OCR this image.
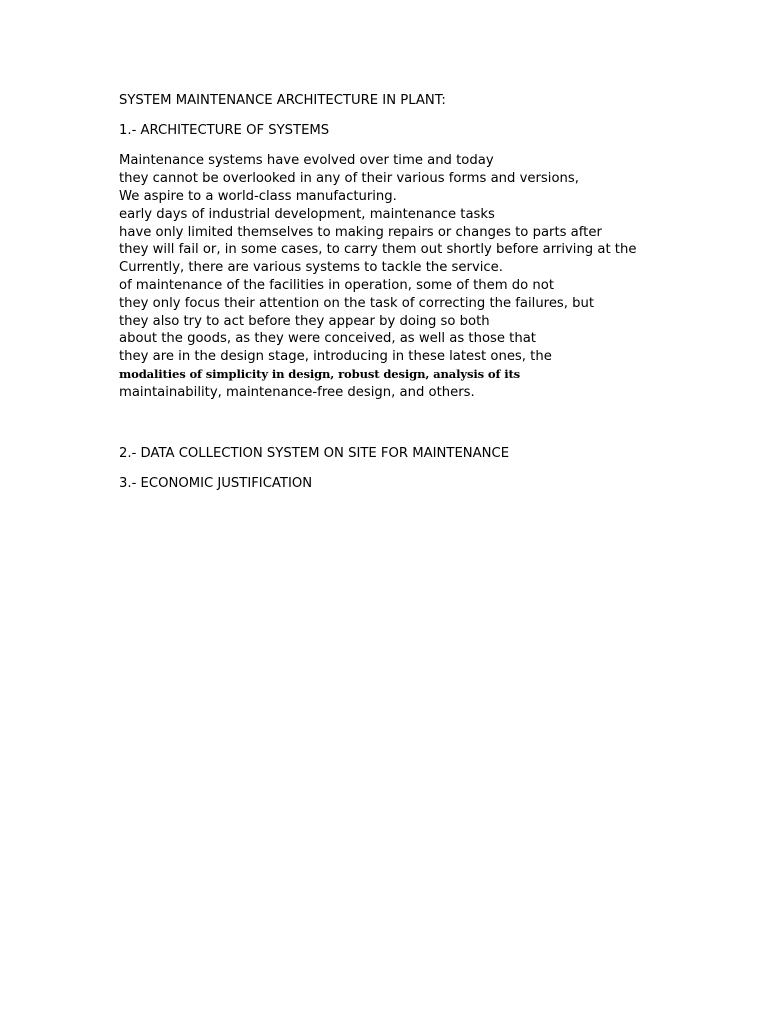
SYSTEM MAINTENANCE ARCHITECTURE IN PLANT:

1.- ARCHITECTURE OF SYSTEMS

Maintenance systems have evolved over time and today
they cannot be overlooked in any of their various forms and versions,
We aspire to a world-class manufacturing.
early days of industrial development, maintenance tasks
have only limited themselves to making repairs or changes to parts after
they will fail or, in some cases, to carry them out shortly before arriving at the
Currently, there are various systems to tackle the service.
of maintenance of the facilities in operation, some of them do not
they only focus their attention on the task of correcting the failures, but
they also try to act before they appear by doing so both
about the goods, as they were conceived, as well as those that
they are in the design stage, introducing in these latest ones, the
modalities of simplicity in design, robust design, analysis of its
maintainability, maintenance-free design, and others.

2.- DATA COLLECTION SYSTEM ON SITE FOR MAINTENANCE

3.- ECONOMIC JUSTIFICATION
